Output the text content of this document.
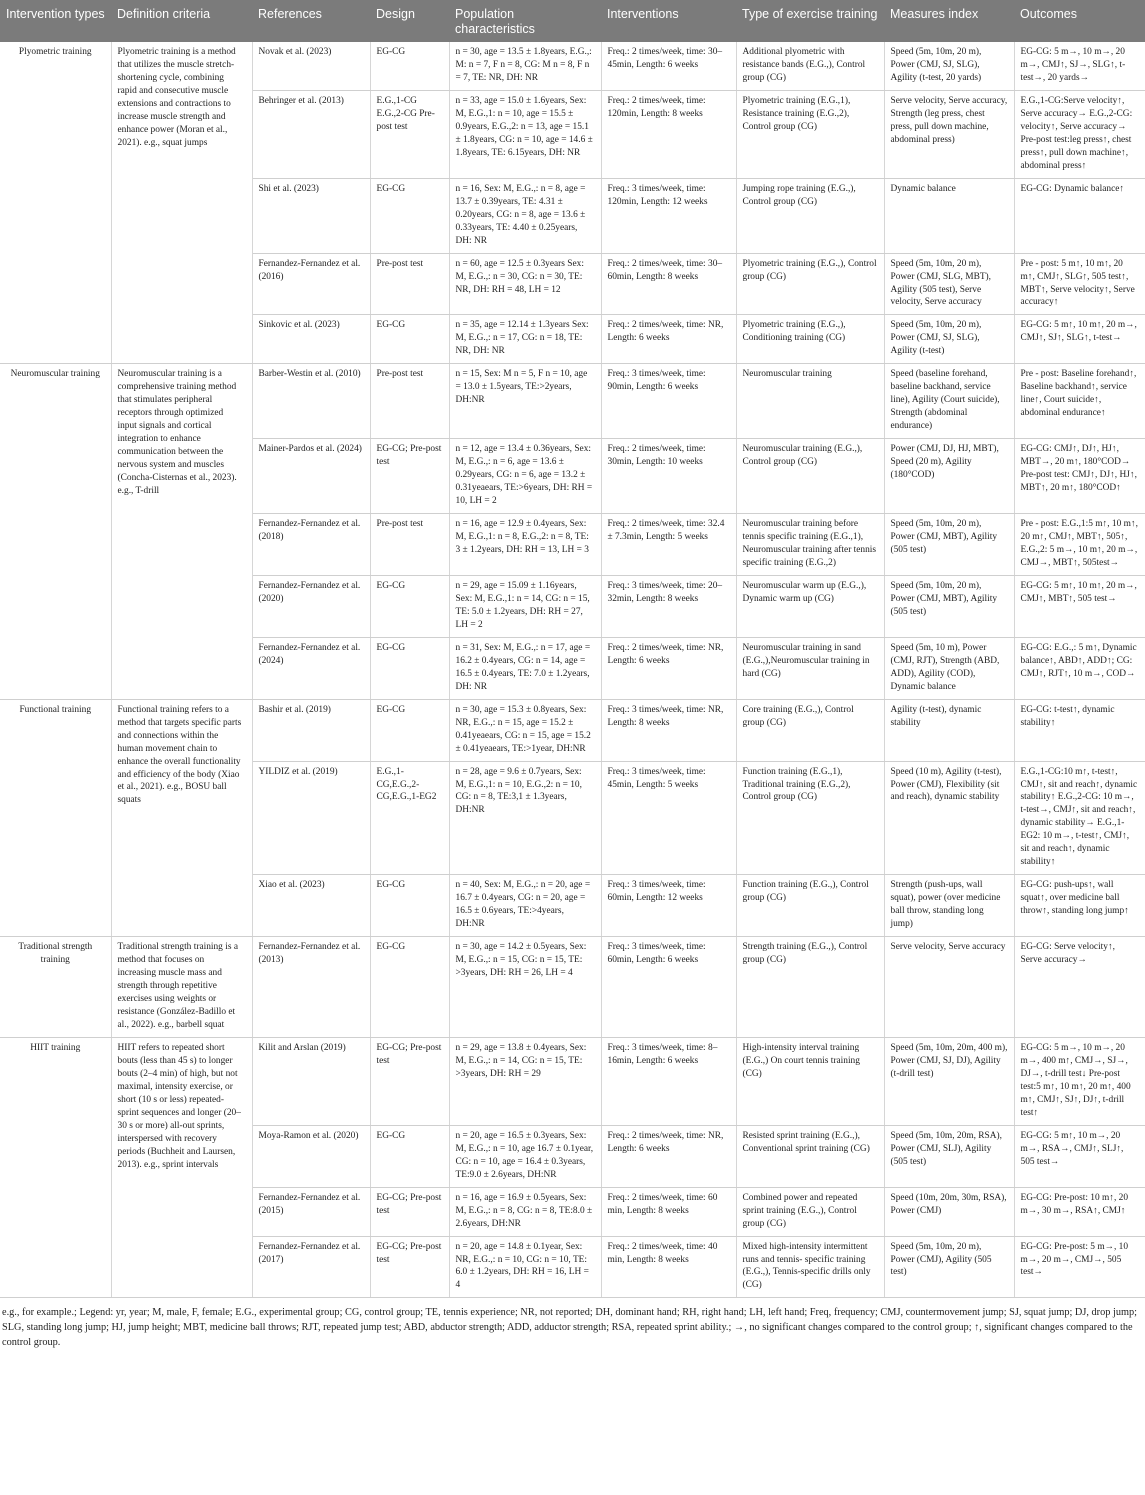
Intervention types	Definition criteria	References	Design	Population characteristics	Interventions	Type of exercise training	Measures index	Outcomes
Plyometric training	Plyometric training is a method that utilizes the muscle stretch-shortening cycle, combining rapid and consecutive muscle extensions and contractions to increase muscle strength and enhance power (Moran et al., 2021). e.g., squat jumps	Novak et al. (2023)	EG-CG	n = 30, age = 13.5 ± 1.8years, E.G.,: M: n = 7, F n = 8, CG: M n = 8, F n = 7, TE: NR, DH: NR	Freq.: 2 times/week, time: 30–45min, Length: 6 weeks	Additional plyometric with resistance bands (E.G.,), Control group (CG)	Speed (5m, 10m, 20 m), Power (CMJ, SJ, SLG), Agility (t-test, 20 yards)	EG-CG: 5 m→, 10 m→, 20 m→, CMJ↑, SJ→, SLG↑, t-test→, 20 yards→
		Behringer et al. (2013)	E.G.,1-CG E.G.,2-CG Pre-post test	n = 33, age = 15.0 ± 1.6years, Sex: M, E.G.,1: n = 10, age = 15.5 ± 0.9years, E.G.,2: n = 13, age = 15.1 ± 1.8years, CG: n = 10, age = 14.6 ± 1.8years, TE: 6.15years, DH: NR	Freq.: 2 times/week, time: 120min, Length: 8 weeks	Plyometric training (E.G.,1), Resistance training (E.G.,2), Control group (CG)	Serve velocity, Serve accuracy, Strength (leg press, chest press, pull down machine, abdominal press)	E.G.,1-CG:Serve velocity↑, Serve accuracy→ E.G.,2-CG: velocity↑, Serve accuracy→ Pre-post test:leg press↑, chest press↑, pull down machine↑, abdominal press↑
		Shi et al. (2023)	EG-CG	n = 16, Sex: M, E.G.,: n = 8, age = 13.7 ± 0.39years, TE: 4.31 ± 0.20years, CG: n = 8, age = 13.6 ± 0.33years, TE: 4.40 ± 0.25years, DH: NR	Freq.: 3 times/week, time: 120min, Length: 12 weeks	Jumping rope training (E.G.,), Control group (CG)	Dynamic balance	EG-CG: Dynamic balance↑
		Fernandez-Fernandez et al. (2016)	Pre-post test	n = 60, age = 12.5 ± 0.3years Sex: M, E.G.,: n = 30, CG: n = 30, TE: NR, DH: RH = 48, LH = 12	Freq.: 2 times/week, time: 30–60min, Length: 8 weeks	Plyometric training (E.G.,), Control group (CG)	Speed (5m, 10m, 20 m), Power (CMJ, SLG, MBT), Agility (505 test), Serve velocity, Serve accuracy	Pre - post: 5 m↑, 10 m↑, 20 m↑, CMJ↑, SLG↑, 505 test↑, MBT↑, Serve velocity↑, Serve accuracy↑
		Sinkovic et al. (2023)	EG-CG	n = 35, age = 12.14 ± 1.3years Sex: M, E.G.,: n = 17, CG: n = 18, TE: NR, DH: NR	Freq.: 2 times/week, time: NR, Length: 6 weeks	Plyometric training (E.G.,), Conditioning training (CG)	Speed (5m, 10m, 20 m), Power (CMJ, SJ, SLG), Agility (t-test)	EG-CG: 5 m↑, 10 m↑, 20 m→, CMJ↑, SJ↑, SLG↑, t-test→
Neuromuscular training	Neuromuscular training is a comprehensive training method that stimulates peripheral receptors through optimized input signals and cortical integration to enhance communication between the nervous system and muscles (Concha-Cisternas et al., 2023). e.g., T-drill	Barber-Westin et al. (2010)	Pre-post test	n = 15, Sex: M n = 5, F n = 10, age = 13.0 ± 1.5years, TE:>2years, DH:NR	Freq.: 3 times/week, time: 90min, Length: 6 weeks	Neuromuscular training	Speed (baseline forehand, baseline backhand, service line), Agility (Court suicide), Strength (abdominal endurance)	Pre - post: Baseline forehand↑, Baseline backhand↑, service line↑, Court suicide↑, abdominal endurance↑
		Mainer-Pardos et al. (2024)	EG-CG; Pre-post test	n = 12, age = 13.4 ± 0.36years, Sex: M, E.G.,: n = 6, age = 13.6 ± 0.29years, CG: n = 6, age = 13.2 ± 0.31yeaears, TE:>6years, DH: RH = 10, LH = 2	Freq.: 2 times/week, time: 30min, Length: 10 weeks	Neuromuscular training (E.G.,), Control group (CG)	Power (CMJ, DJ, HJ, MBT), Speed (20 m), Agility (180°COD)	EG-CG: CMJ↑, DJ↑, HJ↑, MBT→, 20 m↑, 180°COD→ Pre-post test: CMJ↑, DJ↑, HJ↑, MBT↑, 20 m↑, 180°COD↑
		Fernandez-Fernandez et al. (2018)	Pre-post test	n = 16, age = 12.9 ± 0.4years, Sex: M, E.G.,1: n = 8, E.G.,2: n = 8, TE: 3 ± 1.2years, DH: RH = 13, LH = 3	Freq.: 2 times/week, time: 32.4 ± 7.3min, Length: 5 weeks	Neuromuscular training before tennis specific training (E.G.,1), Neuromuscular training after tennis specific training (E.G.,2)	Speed (5m, 10m, 20 m), Power (CMJ, MBT), Agility (505 test)	Pre - post: E.G.,1:5 m↑, 10 m↑, 20 m↑, CMJ↑, MBT↑, 505↑, E.G.,2: 5 m→, 10 m↑, 20 m→, CMJ→, MBT↑, 505test→
		Fernandez-Fernandez et al. (2020)	EG-CG	n = 29, age = 15.09 ± 1.16years, Sex: M, E.G.,1: n = 14, CG: n = 15, TE: 5.0 ± 1.2years, DH: RH = 27, LH = 2	Freq.: 3 times/week, time: 20–32min, Length: 8 weeks	Neuromuscular warm up (E.G.,), Dynamic warm up (CG)	Speed (5m, 10m, 20 m), Power (CMJ, MBT), Agility (505 test)	EG-CG: 5 m↑, 10 m↑, 20 m→, CMJ↑, MBT↑, 505 test→
		Fernandez-Fernandez et al. (2024)	EG-CG	n = 31, Sex: M, E.G.,: n = 17, age = 16.2 ± 0.4years, CG: n = 14, age = 16.5 ± 0.4years, TE: 7.0 ± 1.2years, DH: NR	Freq.: 2 times/week, time: NR, Length: 6 weeks	Neuromuscular training in sand (E.G.,),Neuromuscular training in hard (CG)	Speed (5m, 10 m), Power (CMJ, RJT), Strength (ABD, ADD), Agility (COD), Dynamic balance	EG-CG: E.G.,: 5 m↑, Dynamic balance↑, ABD↑, ADD↑; CG: CMJ↑, RJT↑, 10 m→, COD→
Functional training	Functional training refers to a method that targets specific parts and connections within the human movement chain to enhance the overall functionality and efficiency of the body (Xiao et al., 2021). e.g., BOSU ball squats	Bashir et al. (2019)	EG-CG	n = 30, age = 15.3 ± 0.8years, Sex: NR, E.G.,: n = 15, age = 15.2 ± 0.41yeaears, CG: n = 15, age = 15.2 ± 0.41yeaears, TE:>1year, DH:NR	Freq.: 3 times/week, time: NR, Length: 8 weeks	Core training (E.G.,), Control group (CG)	Agility (t-test), dynamic stability	EG-CG: t-test↑, dynamic stability↑
		YILDIZ et al. (2019)	E.G.,1-CG,E.G.,2-CG,E.G.,1-EG2	n = 28, age = 9.6 ± 0.7years, Sex: M, E.G.,1: n = 10, E.G.,2: n = 10, CG: n = 8, TE:3,1 ± 1.3years, DH:NR	Freq.: 3 times/week, time: 45min, Length: 5 weeks	Function training (E.G.,1), Traditional training (E.G.,2), Control group (CG)	Speed (10 m), Agility (t-test), Power (CMJ), Flexibility (sit and reach), dynamic stability	E.G.,1-CG:10 m↑, t-test↑, CMJ↑, sit and reach↑, dynamic stability↑ E.G.,2-CG: 10 m→, t-test→, CMJ↑, sit and reach↑, dynamic stability→ E.G.,1-EG2: 10 m→, t-test↑, CMJ↑, sit and reach↑, dynamic stability↑
		Xiao et al. (2023)	EG-CG	n = 40, Sex: M, E.G.,: n = 20, age = 16.7 ± 0.4years, CG: n = 20, age = 16.5 ± 0.6years, TE:>4years, DH:NR	Freq.: 3 times/week, time: 60min, Length: 12 weeks	Function training (E.G.,), Control group (CG)	Strength (push-ups, wall squat), power (over medicine ball throw, standing long jump)	EG-CG: push-ups↑, wall squat↑, over medicine ball throw↑, standing long jump↑
Traditional strength training	Traditional strength training is a method that focuses on increasing muscle mass and strength through repetitive exercises using weights or resistance (González-Badillo et al., 2022). e.g., barbell squat	Fernandez-Fernandez et al. (2013)	EG-CG	n = 30, age = 14.2 ± 0.5years, Sex: M, E.G.,: n = 15, CG: n = 15, TE: >3years, DH: RH = 26, LH = 4	Freq.: 3 times/week, time: 60min, Length: 6 weeks	Strength training (E.G.,), Control group (CG)	Serve velocity, Serve accuracy	EG-CG: Serve velocity↑, Serve accuracy→
HIIT training	HIIT refers to repeated short bouts (less than 45 s) to longer bouts (2–4 min) of high, but not maximal, intensity exercise, or short (10 s or less) repeated-sprint sequences and longer (20–30 s or more) all-out sprints, interspersed with recovery periods (Buchheit and Laursen, 2013). e.g., sprint intervals	Kilit and Arslan (2019)	EG-CG; Pre-post test	n = 29, age = 13.8 ± 0.4years, Sex: M, E.G.,: n = 14, CG: n = 15, TE: >3years, DH: RH = 29	Freq.: 3 times/week, time: 8–16min, Length: 6 weeks	High-intensity interval training (E.G.,) On court tennis training (CG)	Speed (5m, 10m, 20m, 400 m), Power (CMJ, SJ, DJ), Agility (t-drill test)	EG-CG: 5 m→, 10 m→, 20 m→, 400 m↑, CMJ→, SJ→, DJ→, t-drill test↓ Pre-post test:5 m↑, 10 m↑, 20 m↑, 400 m↑, CMJ↑, SJ↑, DJ↑, t-drill test↑
		Moya-Ramon et al. (2020)	EG-CG	n = 20, age = 16.5 ± 0.3years, Sex: M, E.G.,: n = 10, age 16.7 ± 0.1year, CG: n = 10, age = 16.4 ± 0.3years, TE:9.0 ± 2.6years, DH:NR	Freq.: 2 times/week, time: NR, Length: 6 weeks	Resisted sprint training (E.G.,), Conventional sprint training (CG)	Speed (5m, 10m, 20m, RSA), Power (CMJ, SLJ), Agility (505 test)	EG-CG: 5 m↑, 10 m→, 20 m→, RSA→, CMJ↑, SLJ↑, 505 test→
		Fernandez-Fernandez et al. (2015)	EG-CG; Pre-post test	n = 16, age = 16.9 ± 0.5years, Sex: M, E.G.,: n = 8, CG: n = 8, TE:8.0 ± 2.6years, DH:NR	Freq.: 2 times/week, time: 60 min, Length: 8 weeks	Combined power and repeated sprint training (E.G.,), Control group (CG)	Speed (10m, 20m, 30m, RSA), Power (CMJ)	EG-CG: Pre-post: 10 m↑, 20 m→, 30 m→, RSA↑, CMJ↑
		Fernandez-Fernandez et al. (2017)	EG-CG; Pre-post test	n = 20, age = 14.8 ± 0.1year, Sex: NR, E.G.,: n = 10, CG: n = 10, TE: 6.0 ± 1.2years, DH: RH = 16, LH = 4	Freq.: 2 times/week, time: 40 min, Length: 8 weeks	Mixed high-intensity intermittent runs and tennis- specific training (E.G.,), Tennis-specific drills only (CG)	Speed (5m, 10m, 20 m), Power (CMJ), Agility (505 test)	EG-CG: Pre-post: 5 m→, 10 m→, 20 m→, CMJ→, 505 test→
e.g., for example.; Legend: yr, year; M, male, F, female; E.G., experimental group; CG, control group; TE, tennis experience; NR, not reported; DH, dominant hand; RH, right hand; LH, left hand; Freq, frequency; CMJ, countermovement jump; SJ, squat jump; DJ, drop jump; SLG, standing long jump; HJ, jump height; MBT, medicine ball throws; RJT, repeated jump test; ABD, abductor strength; ADD, adductor strength; RSA, repeated sprint ability.; →, no significant changes compared to the control group; ↑, significant changes compared to the control group.
